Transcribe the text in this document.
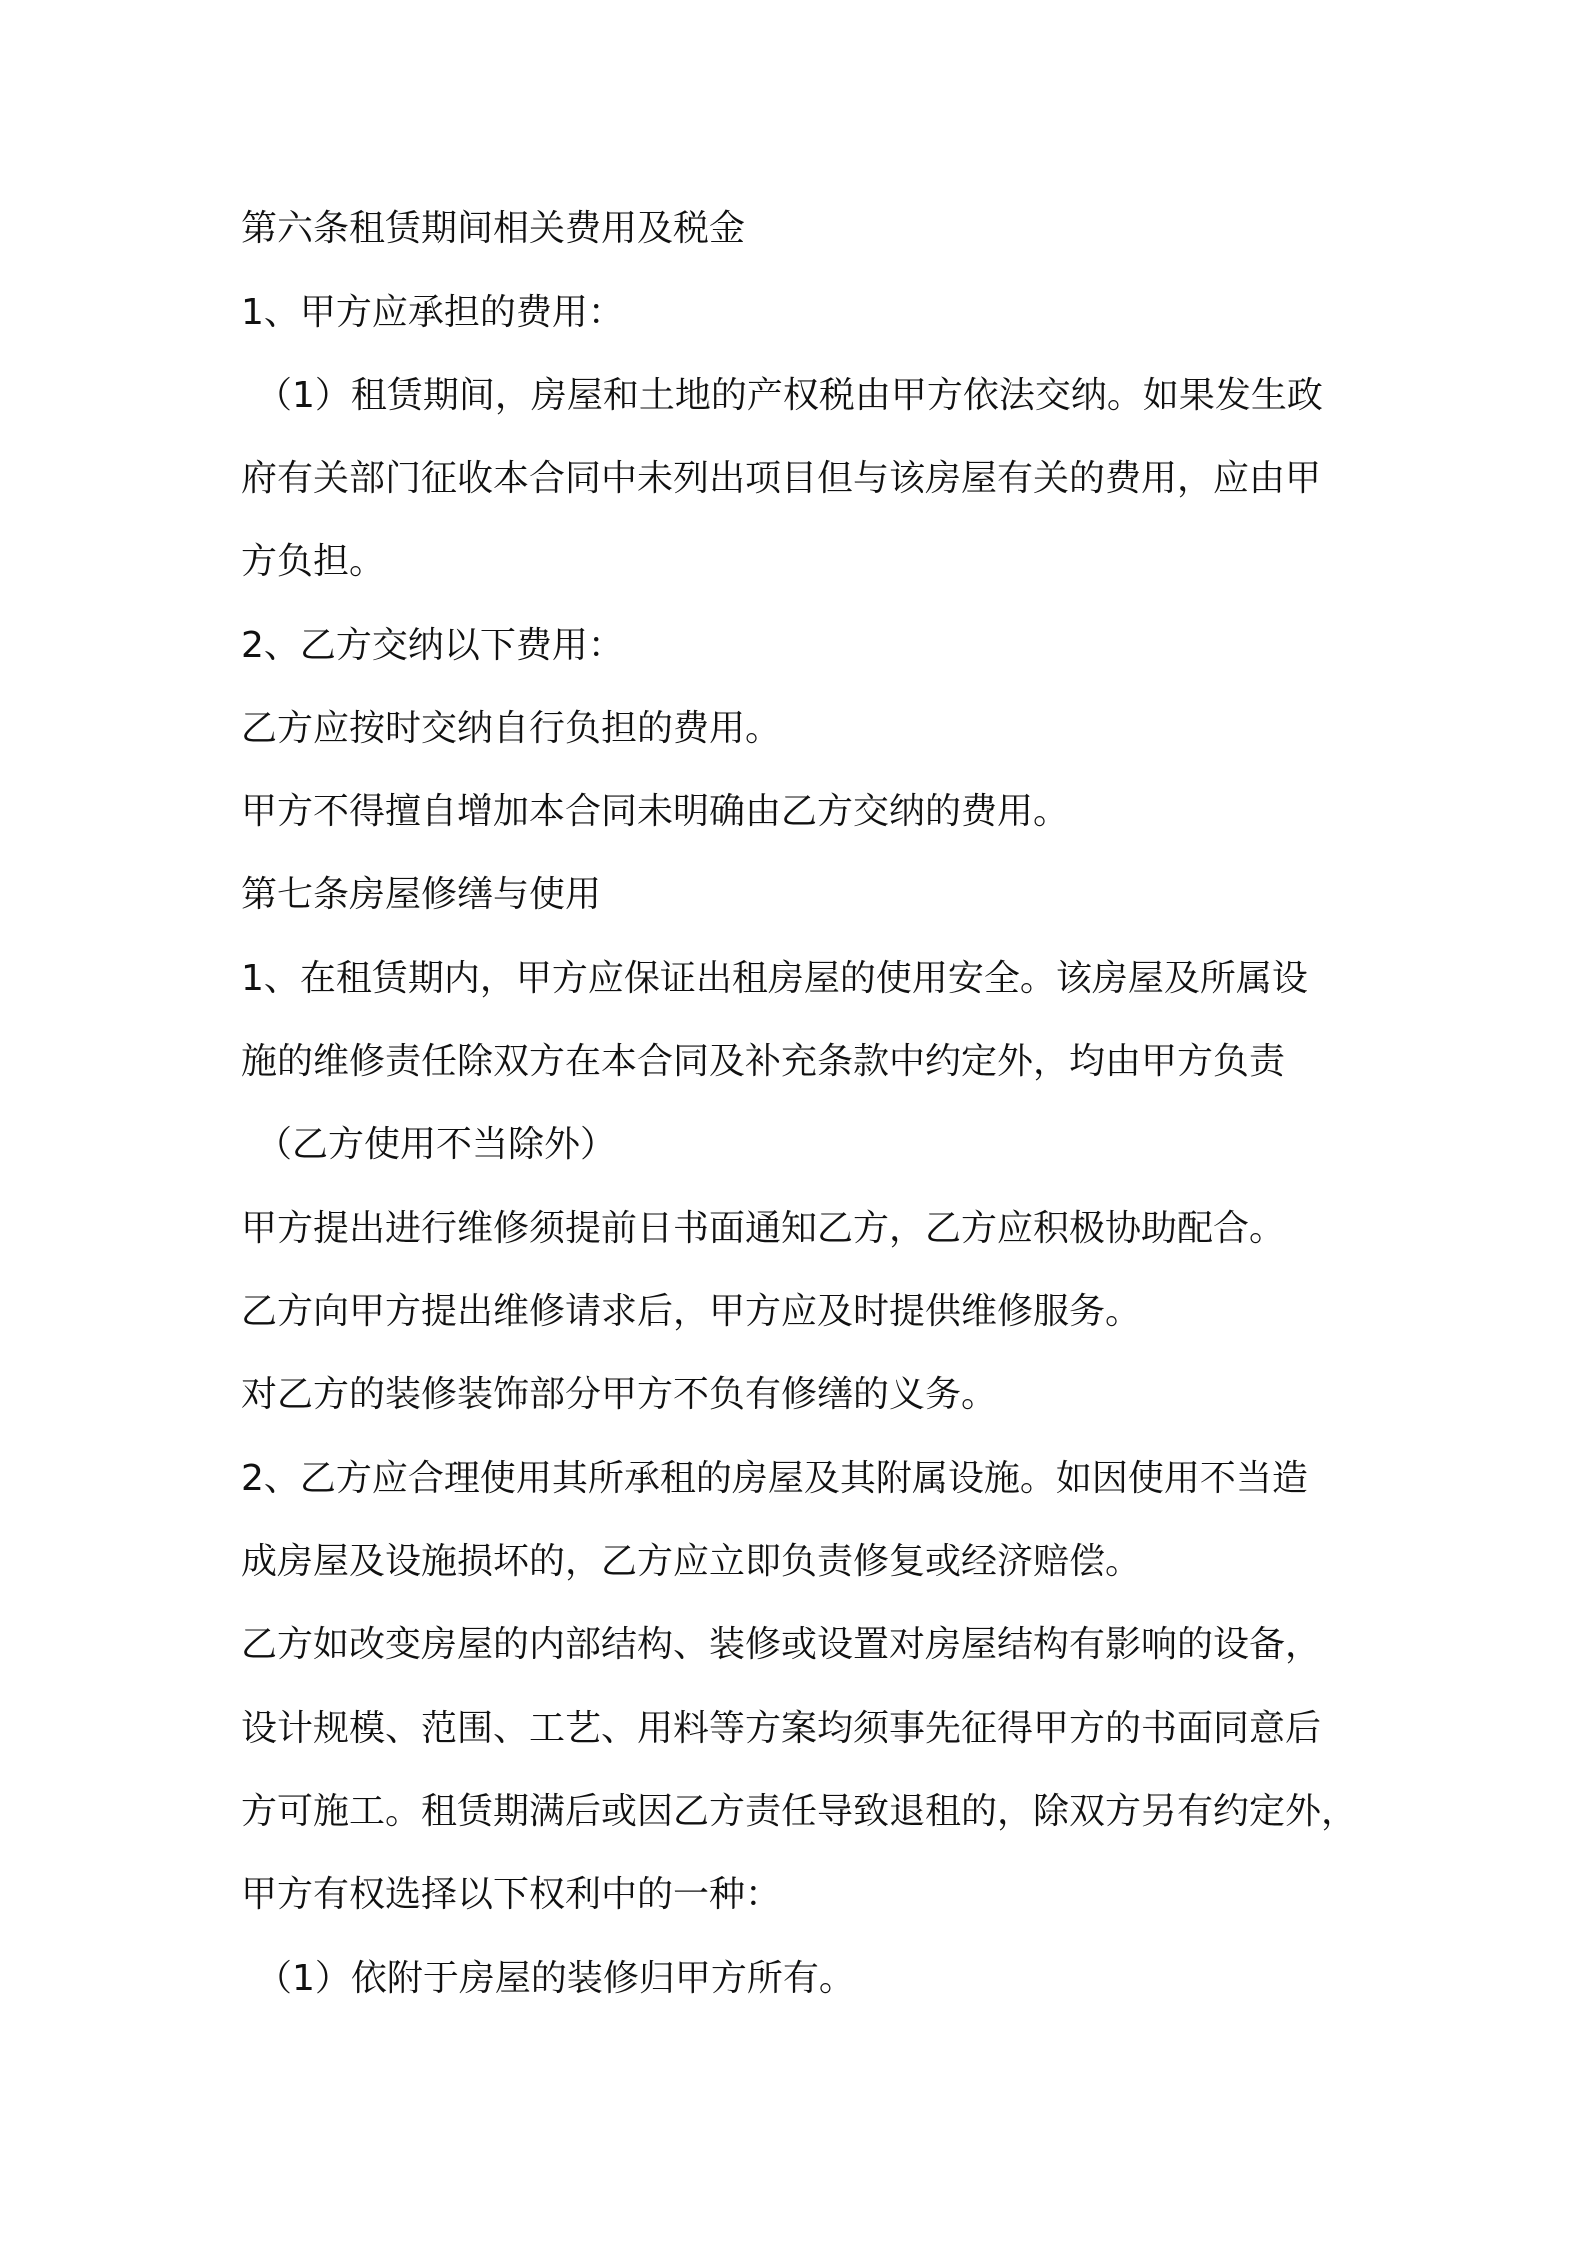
第六条租赁期间相关费用及税金

1、甲方应承担的费用：

（1）租赁期间，房屋和土地的产权税由甲方依法交纳。如果发生政

府有关部门征收本合同中未列出项目但与该房屋有关的费用，应由甲

方负担。

2、乙方交纳以下费用：

乙方应按时交纳自行负担的费用。

甲方不得擅自增加本合同未明确由乙方交纳的费用。

第七条房屋修缮与使用

1、在租赁期内，甲方应保证出租房屋的使用安全。该房屋及所属设

施的维修责任除双方在本合同及补充条款中约定外，均由甲方负责

（乙方使用不当除外）

甲方提出进行维修须提前日书面通知乙方，乙方应积极协助配合。

乙方向甲方提出维修请求后，甲方应及时提供维修服务。

对乙方的装修装饰部分甲方不负有修缮的义务。

2、乙方应合理使用其所承租的房屋及其附属设施。如因使用不当造

成房屋及设施损坏的，乙方应立即负责修复或经济赔偿。

乙方如改变房屋的内部结构、装修或设置对房屋结构有影响的设备，

设计规模、范围、工艺、用料等方案均须事先征得甲方的书面同意后

方可施工。租赁期满后或因乙方责任导致退租的，除双方另有约定外，

甲方有权选择以下权利中的一种：

（1）依附于房屋的装修归甲方所有。
